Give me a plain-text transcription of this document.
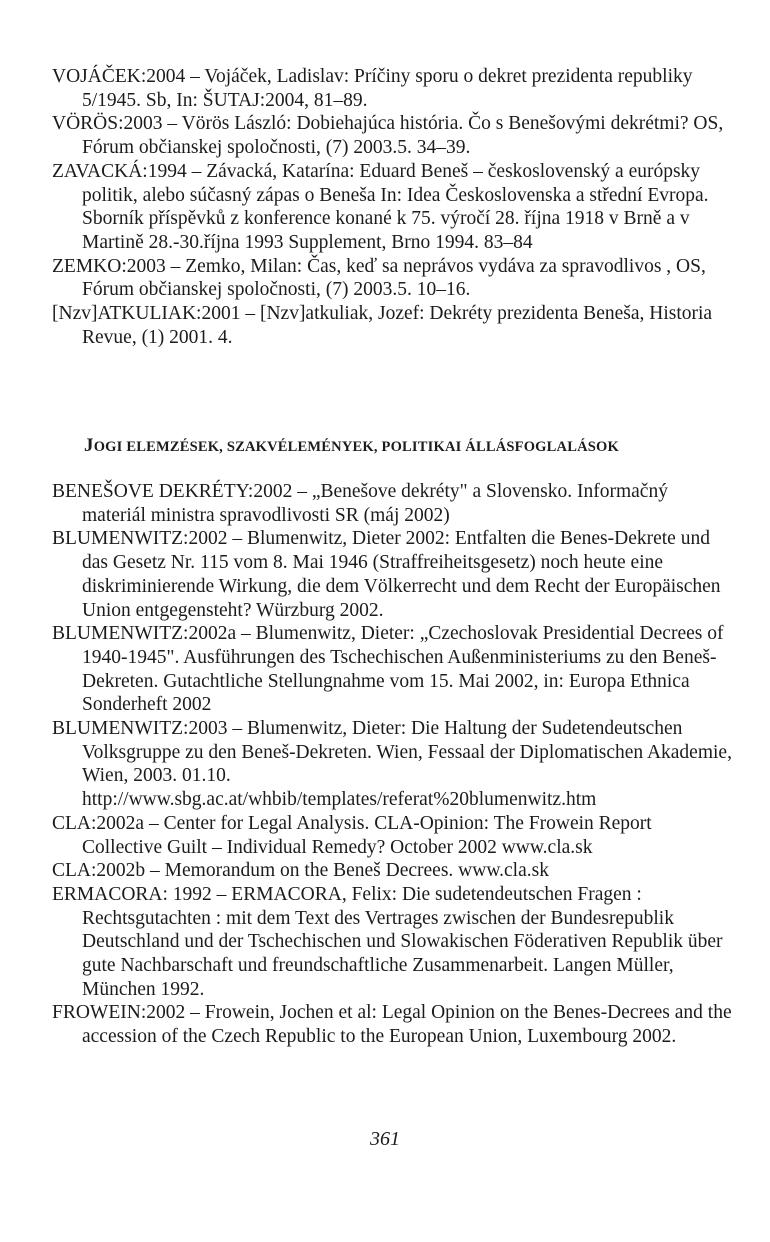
VOJÁČEK:2004 – Vojáček, Ladislav: Príčiny sporu o dekret prezidenta republiky 5/1945. Sb, In: ŠUTAJ:2004, 81–89.

VÖRÖS:2003 – Vörös László: Dobiehajúca história. Čo s Benešovými dekrétmi? OS, Fórum občianskej spoločnosti, (7) 2003.5. 34–39.

ZAVACKÁ:1994 – Závacká, Katarína: Eduard Beneš – československý a európsky politik, alebo súčasný zápas o Beneša In: Idea Československa a střední Evropa. Sborník příspěvků z konference konané k 75. výročí 28. října 1918 v Brně a v Martině 28.-30.října 1993 Supplement, Brno 1994. 83–84

ZEMKO:2003 – Zemko, Milan: Čas, keď sa neprávos vydáva za spravodlivos , OS, Fórum občianskej spoločnosti, (7) 2003.5. 10–16.

[Nzv]ATKULIAK:2001 – [Nzv]atkuliak, Jozef: Dekréty prezidenta Beneša, Historia Revue, (1) 2001. 4.

JOGI ELEMZÉSEK, SZAKVÉLEMÉNYEK, POLITIKAI ÁLLÁSFOGLALÁSOK

BENEŠOVE DEKRÉTY:2002 – „Benešove dekréty" a Slovensko. Informačný materiál ministra spravodlivosti SR (máj 2002)

BLUMENWITZ:2002 – Blumenwitz, Dieter 2002: Entfalten die Benes-Dekrete und das Gesetz Nr. 115 vom 8. Mai 1946 (Straffreiheitsgesetz) noch heute eine diskriminierende Wirkung, die dem Völkerrecht und dem Recht der Europäischen Union entgegensteht? Würzburg 2002.

BLUMENWITZ:2002a – Blumenwitz, Dieter: „Czechoslovak Presidential Decrees of 1940-1945". Ausführungen des Tschechischen Außenministeriums zu den Beneš-Dekreten. Gutachtliche Stellungnahme vom 15. Mai 2002, in: Europa Ethnica Sonderheft 2002

BLUMENWITZ:2003 – Blumenwitz, Dieter: Die Haltung der Sudetendeutschen Volksgruppe zu den Beneš-Dekreten. Wien, Fessaal der Diplomatischen Akademie, Wien, 2003. 01.10. http://www.sbg.ac.at/whbib/templates/referat%20blumenwitz.htm

CLA:2002a – Center for Legal Analysis. CLA-Opinion: The Frowein Report Collective Guilt – Individual Remedy? October 2002 www.cla.sk

CLA:2002b – Memorandum on the Beneš Decrees. www.cla.sk

ERMACORA: 1992 – ERMACORA, Felix: Die sudetendeutschen Fragen : Rechtsgutachten : mit dem Text des Vertrages zwischen der Bundesrepublik Deutschland und der Tschechischen und Slowakischen Föderativen Republik über gute Nachbarschaft und freundschaftliche Zusammenarbeit. Langen Müller, München 1992.

FROWEIN:2002 – Frowein, Jochen et al: Legal Opinion on the Benes-Decrees and the accession of the Czech Republic to the European Union, Luxembourg 2002.

361
